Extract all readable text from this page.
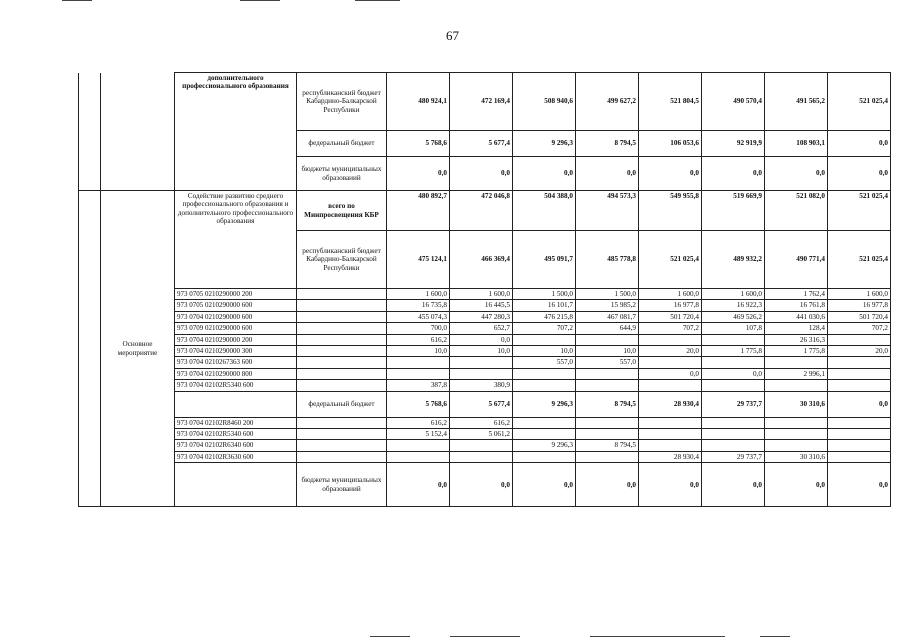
67
		дополнительного профессионального образования	республиканский бюджет Кабардино-Балкарской Республики	480 924,1	472 169,4	508 940,6	499 627,2	521 804,5	490 570,4	491 565,2	521 025,4
			федеральный бюджет	5 768,6	5 677,4	9 296,3	8 794,5	106 053,6	92 919,9	108 903,1	0,0
			бюджеты муниципальных образований	0,0	0,0	0,0	0,0	0,0	0,0	0,0	0,0
	Основное мероприятие	Содействие развитию среднего профессионального образования и дополнительного профессионального образования	всего по Минпросвещения КБР	480 892,7	472 046,8	504 388,0	494 573,3	549 955,8	519 669,9	521 082,0	521 025,4
			республиканский бюджет Кабардино-Балкарской Республики	475 124,1	466 369,4	495 091,7	485 778,8	521 025,4	489 932,2	490 771,4	521 025,4
		973 0705 0210290000 200		1 600,0	1 600,0	1 500,0	1 500,0	1 600,0	1 600,0	1 762,4	1 600,0
		973 0705 0210290000 600		16 735,8	16 445,5	16 101,7	15 985,2	16 977,8	16 922,3	16 761,8	16 977,8
		973 0704 0210290000 600		455 074,3	447 280,3	476 215,8	467 081,7	501 720,4	469 526,2	441 030,6	501 720,4
		973 0709 0210290000 600		700,0	652,7	707,2	644,9	707,2	107,8	128,4	707,2
		973 0704 0210290000 200		616,2	0,0					26 316,3	
		973 0704 0210290000 300		10,0	10,0	10,0	10,0	20,0	1 775,8	1 775,8	20,0
		973 0704 0210267363 600				557,0	557,0				
		973 0704 0210290000 800						0,0	0,0	2 996,1	
		973 0704 02102R5340 600		387,8	380,9						
			федеральный бюджет	5 768,6	5 677,4	9 296,3	8 794,5	28 930,4	29 737,7	30 310,6	0,0
		973 0704 02102R8460 200		616,2	616,2						
		973 0704 02102R5340 600		5 152,4	5 061,2						
		973 0704 02102R6340 600				9 296,3	8 794,5				
		973 0704 02102R3630 600						28 930,4	29 737,7	30 310,6	
			бюджеты муниципальных образований	0,0	0,0	0,0	0,0	0,0	0,0	0,0	0,0
